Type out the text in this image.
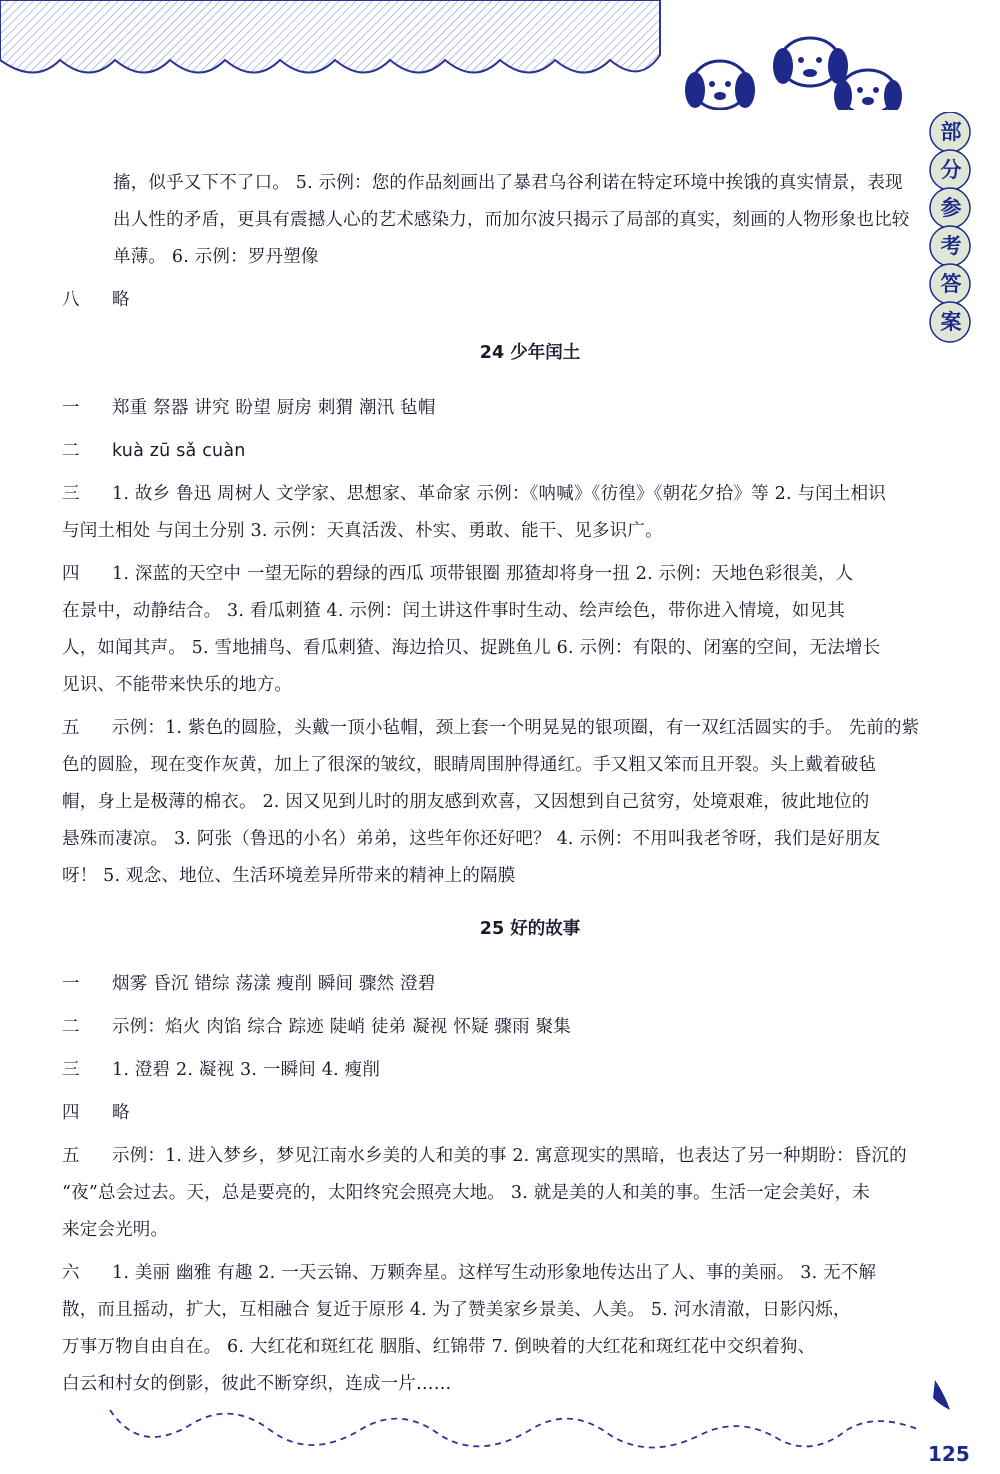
部
分
参
考
答
案
搐，似乎又下不了口。 5. 示例：您的作品刻画出了暴君乌谷利诺在特定环境中挨饿的真实情景，表现
出人性的矛盾，更具有震撼人心的艺术感染力，而加尔波只揭示了局部的真实，刻画的人物形象也比较
单薄。 6. 示例：罗丹塑像
八	略
24 少年闰土
一	郑重 祭器 讲究 盼望 厨房 刺猬 潮汛 毡帽
二	kuà zū sǎ cuàn
三	1. 故乡 鲁迅 周树人 文学家、思想家、革命家 示例：《呐喊》《彷徨》《朝花夕拾》等 2. 与闰土相识
与闰土相处 与闰土分别 3. 示例：天真活泼、朴实、勇敢、能干、见多识广。
四	1. 深蓝的天空中 一望无际的碧绿的西瓜 项带银圈 那猹却将身一扭 2. 示例：天地色彩很美，人
在景中，动静结合。 3. 看瓜刺猹 4. 示例：闰土讲这件事时生动、绘声绘色，带你进入情境，如见其
人，如闻其声。 5. 雪地捕鸟、看瓜刺猹、海边拾贝、捉跳鱼儿 6. 示例：有限的、闭塞的空间，无法增长
见识、不能带来快乐的地方。
五	示例：1. 紫色的圆脸，头戴一顶小毡帽，颈上套一个明晃晃的银项圈，有一双红活圆实的手。 先前的紫
色的圆脸，现在变作灰黄，加上了很深的皱纹，眼睛周围肿得通红。手又粗又笨而且开裂。头上戴着破毡
帽，身上是极薄的棉衣。 2. 因又见到儿时的朋友感到欢喜，又因想到自己贫穷，处境艰难，彼此地位的
悬殊而凄凉。 3. 阿张（鲁迅的小名）弟弟，这些年你还好吧？ 4. 示例：不用叫我老爷呀，我们是好朋友
呀！ 5. 观念、地位、生活环境差异所带来的精神上的隔膜
25 好的故事
一	烟雾 昏沉 错综 荡漾 瘦削 瞬间 骤然 澄碧
二	示例：焰火 肉馅 综合 踪迹 陡峭 徒弟 凝视 怀疑 骤雨 聚集
三	1. 澄碧 2. 凝视 3. 一瞬间 4. 瘦削
四	略
五	示例：1. 进入梦乡，梦见江南水乡美的人和美的事 2. 寓意现实的黑暗，也表达了另一种期盼：昏沉的
“夜”总会过去。天，总是要亮的，太阳终究会照亮大地。 3. 就是美的人和美的事。生活一定会美好，未
来定会光明。
六	1. 美丽 幽雅 有趣 2. 一天云锦、万颗奔星。这样写生动形象地传达出了人、事的美丽。 3. 无不解
散，而且摇动，扩大，互相融合 复近于原形 4. 为了赞美家乡景美、人美。 5. 河水清澈，日影闪烁，
万事万物自由自在。 6. 大红花和斑红花 胭脂、红锦带 7. 倒映着的大红花和斑红花中交织着狗、
白云和村女的倒影，彼此不断穿织，连成一片……
125
